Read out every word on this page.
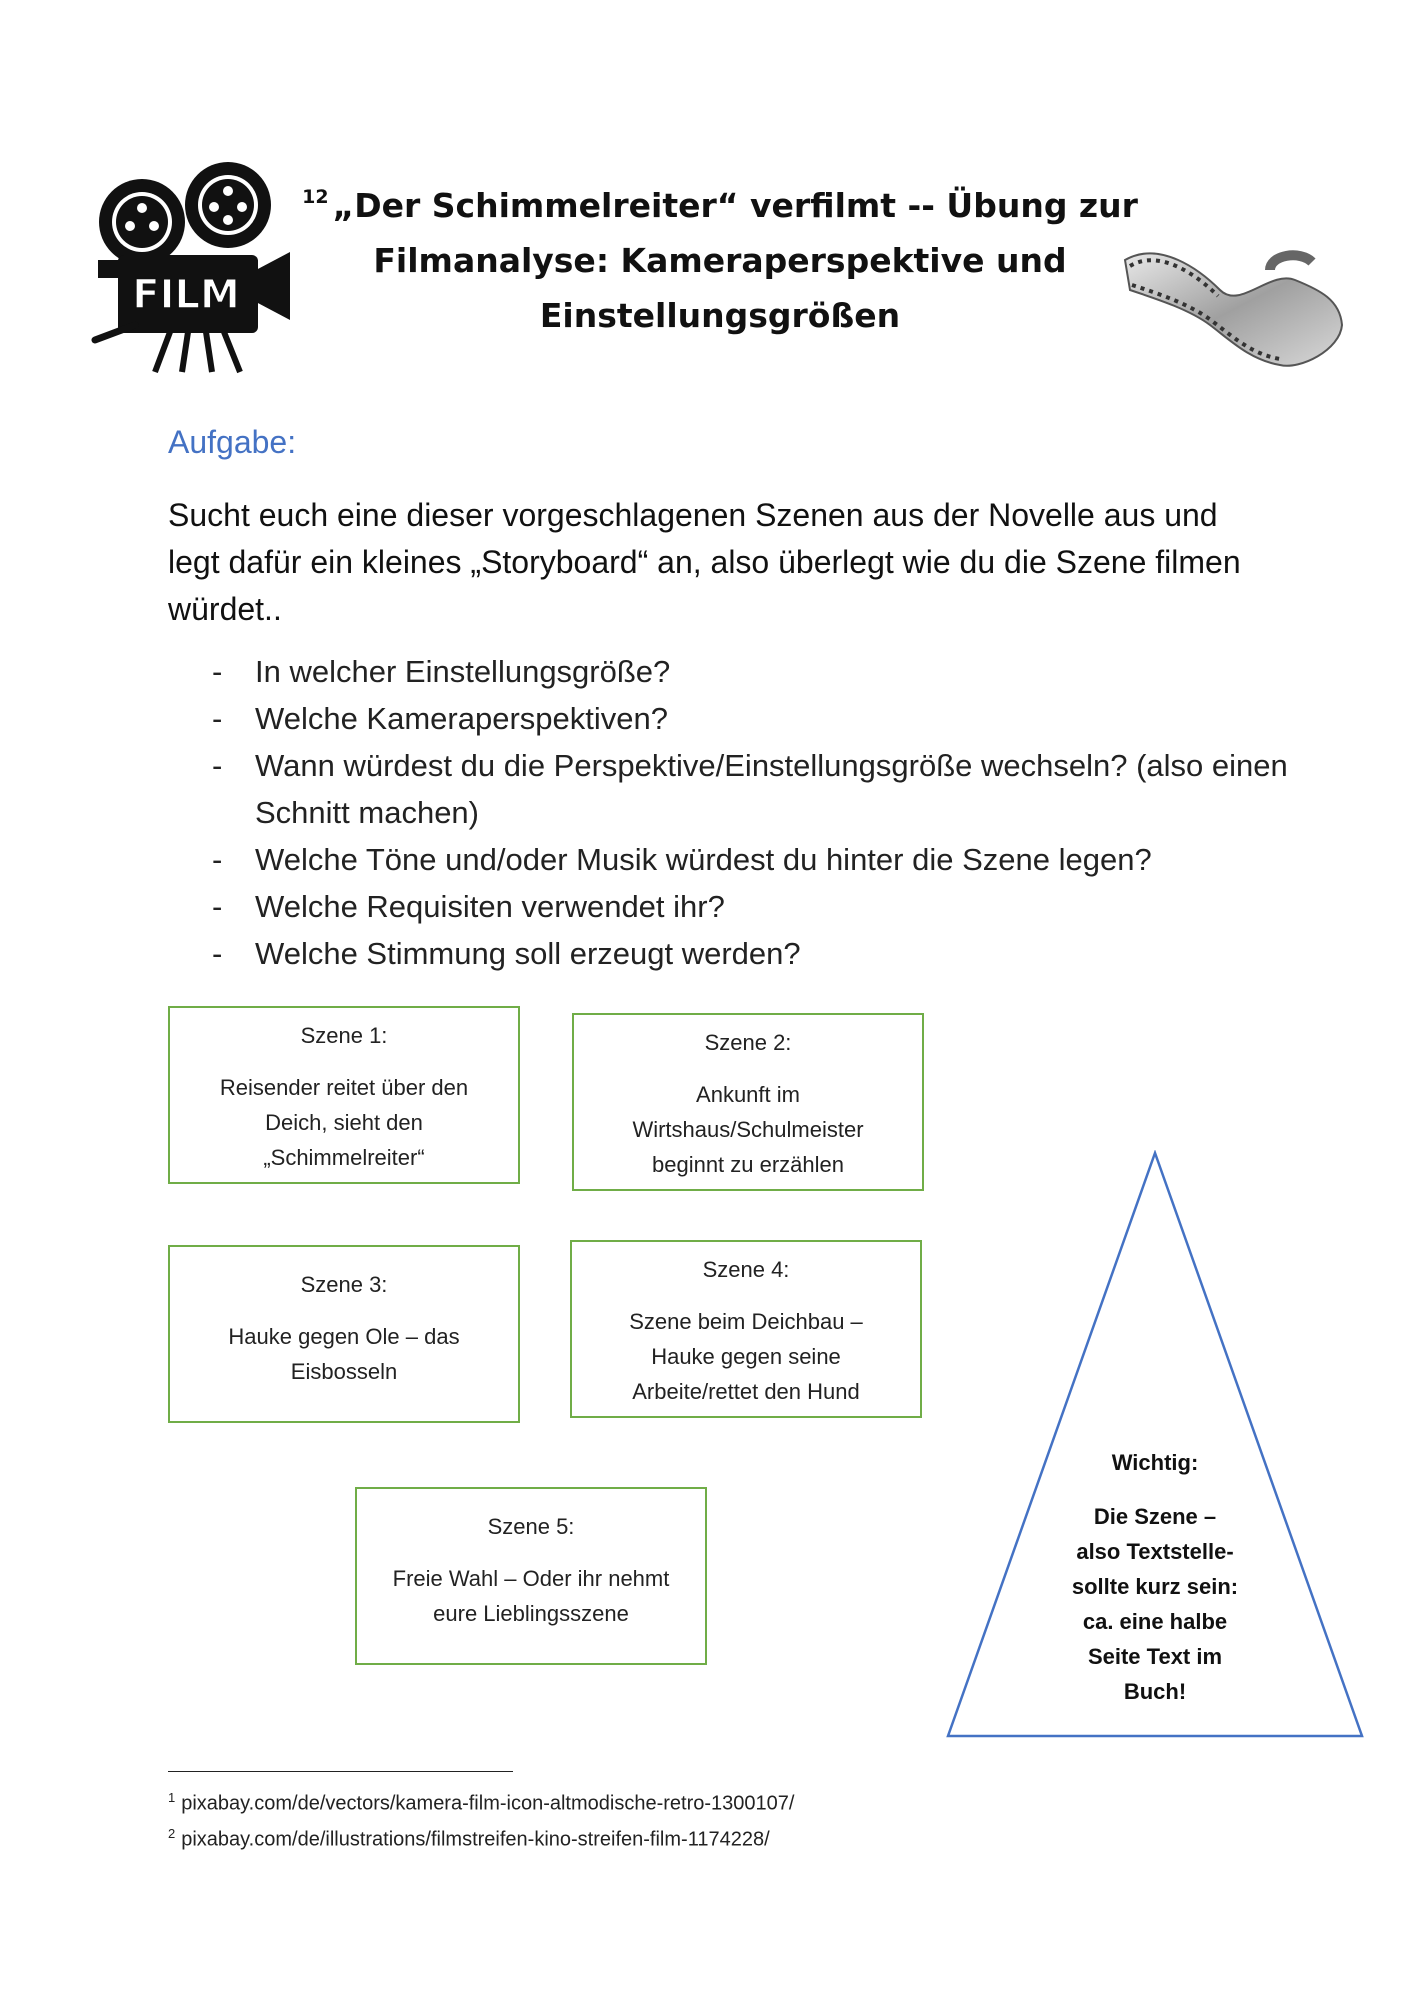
FILM
$^{12}$ „Der Schimmelreiter“ verfilmt -- Übung zur
Filmanalyse: Kameraperspektive und
Einstellungsgrößen
Aufgabe:
Sucht euch eine dieser vorgeschlagenen Szenen aus der Novelle aus und legt dafür ein kleines „Storyboard“ an, also überlegt wie du die Szene filmen würdet..
- In welcher Einstellungsgröße?
- Welche Kameraperspektiven?
- Wann würdest du die Perspektive/Einstellungsgröße wechseln? (also einen Schnitt machen)
- Welche Töne und/oder Musik würdest du hinter die Szene legen?
- Welche Requisiten verwendet ihr?
- Welche Stimmung soll erzeugt werden?
Szene 1:
Reisender reitet über den
Deich, sieht den
„Schimmelreiter“
Szene 2:
Ankunft im
Wirtshaus/Schulmeister
beginnt zu erzählen
Szene 3:
Hauke gegen Ole – das
Eisbosseln
Szene 4:
Szene beim Deichbau –
Hauke gegen seine
Arbeite/rettet den Hund
Szene 5:
Freie Wahl – Oder ihr nehmt
eure Lieblingsszene
Wichtig:
Die Szene –
also Textstelle-
sollte kurz sein:
ca. eine halbe
Seite Text im
Buch!
$^1$ pixabay.com/de/vectors/kamera-film-icon-altmodische-retro-1300107/
$^2$ pixabay.com/de/illustrations/filmstreifen-kino-streifen-film-1174228/
